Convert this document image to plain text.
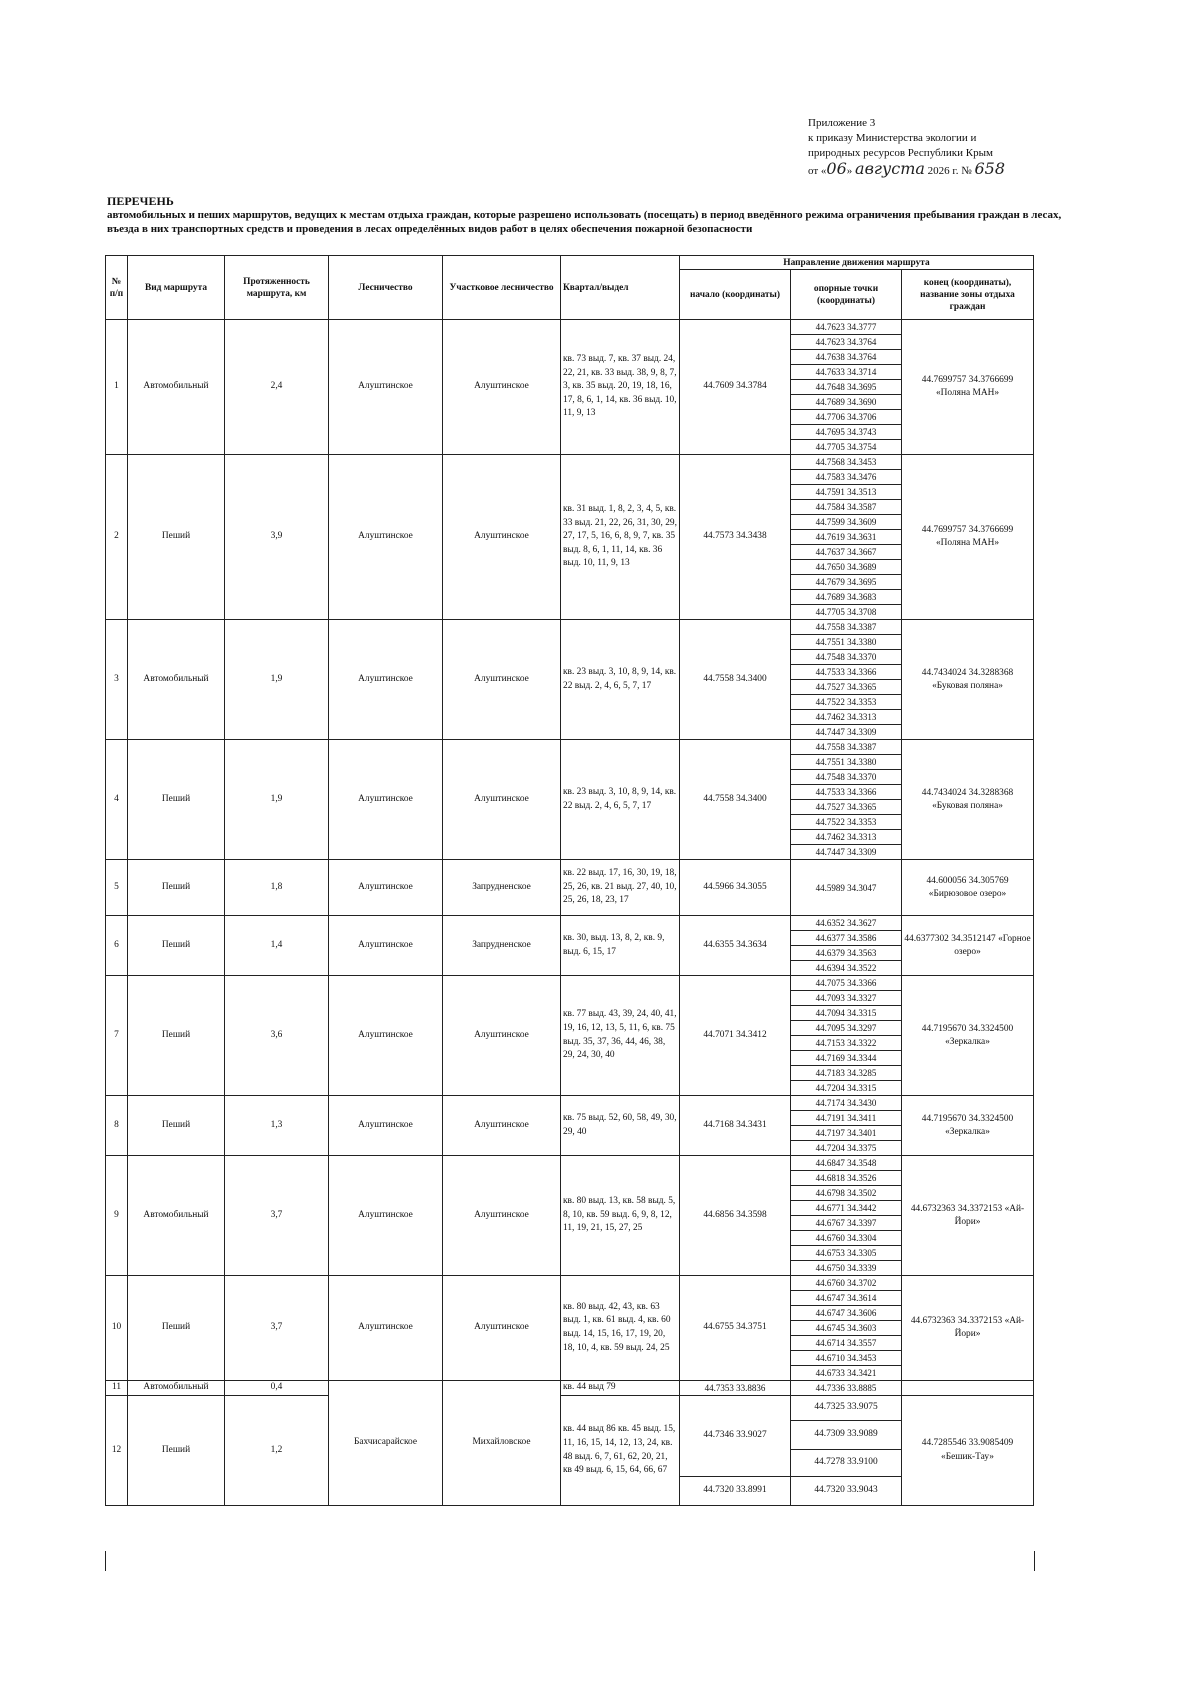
Приложение 3
к приказу Министерства экологии и
природных ресурсов Республики Крым
от «06» августа 2026 г. № 658
ПЕРЕЧЕНЬ
автомобильных и пеших маршрутов, ведущих к местам отдыха граждан, которые разрешено использовать (посещать) в период введённого режима ограничения пребывания граждан в лесах, въезда в них транспортных средств и проведения в лесах определённых видов работ в целях обеспечения пожарной безопасности
№ п/п	Вид маршрута	Протяженность маршрута, км	Лесничество	Участковое лесничество	Квартал/выдел	Направление движения маршрута		
						начало (координаты)	опорные точки (координаты)	конец (координаты), название зоны отдыха граждан
1	Автомобильный	2,4	Алуштинское	Алуштинское	кв. 73 выд. 7, кв. 37 выд. 24, 22, 21, кв. 33 выд. 38, 9, 8, 7, 3, кв. 35 выд. 20, 19, 18, 16, 17, 8, 6, 1, 14, кв. 36 выд. 10, 11, 9, 13	44.7609 34.3784	44.7623 34.3777	44.7699757 34.3766699 «Поляна МАН»
							44.7623 34.3764	
							44.7638 34.3764	
							44.7633 34.3714	
							44.7648 34.3695	
							44.7689 34.3690	
							44.7706 34.3706	
							44.7695 34.3743	
							44.7705 34.3754	
2	Пеший	3,9	Алуштинское	Алуштинское	кв. 31 выд. 1, 8, 2, 3, 4, 5, кв. 33 выд. 21, 22, 26, 31, 30, 29, 27, 17, 5, 16, 6, 8, 9, 7, кв. 35 выд. 8, 6, 1, 11, 14, кв. 36 выд. 10, 11, 9, 13	44.7573 34.3438	44.7568 34.3453	44.7699757 34.3766699 «Поляна МАН»
							44.7583 34.3476	
							44.7591 34.3513	
							44.7584 34.3587	
							44.7599 34.3609	
							44.7619 34.3631	
							44.7637 34.3667	
							44.7650 34.3689	
							44.7679 34.3695	
							44.7689 34.3683	
							44.7705 34.3708	
3	Автомобильный	1,9	Алуштинское	Алуштинское	кв. 23 выд. 3, 10, 8, 9, 14, кв. 22 выд. 2, 4, 6, 5, 7, 17	44.7558 34.3400	44.7558 34.3387	44.7434024 34.3288368 «Буковая поляна»
							44.7551 34.3380	
							44.7548 34.3370	
							44.7533 34.3366	
							44.7527 34.3365	
							44.7522 34.3353	
							44.7462 34.3313	
							44.7447 34.3309	
4	Пеший	1,9	Алуштинское	Алуштинское	кв. 23 выд. 3, 10, 8, 9, 14, кв. 22 выд. 2, 4, 6, 5, 7, 17	44.7558 34.3400	44.7558 34.3387	44.7434024 34.3288368 «Буковая поляна»
							44.7551 34.3380	
							44.7548 34.3370	
							44.7533 34.3366	
							44.7527 34.3365	
							44.7522 34.3353	
							44.7462 34.3313	
							44.7447 34.3309	
5	Пеший	1,8	Алуштинское	Запрудненское	кв. 22 выд. 17, 16, 30, 19, 18, 25, 26, кв. 21 выд. 27, 40, 10, 25, 26, 18, 23, 17	44.5966 34.3055	44.5989 34.3047	44.600056 34.305769 «Бирюзовое озеро»
6	Пеший	1,4	Алуштинское	Запрудненское	кв. 30, выд. 13, 8, 2, кв. 9, выд. 6, 15, 17	44.6355 34.3634	44.6352 34.3627	44.6377302 34.3512147 «Горное озеро»
							44.6377 34.3586	
							44.6379 34.3563	
							44.6394 34.3522	
7	Пеший	3,6	Алуштинское	Алуштинское	кв. 77 выд. 43, 39, 24, 40, 41, 19, 16, 12, 13, 5, 11, 6, кв. 75 выд. 35, 37, 36, 44, 46, 38, 29, 24, 30, 40	44.7071 34.3412	44.7075 34.3366	44.7195670 34.3324500 «Зеркалка»
							44.7093 34.3327	
							44.7094 34.3315	
							44.7095 34.3297	
							44.7153 34.3322	
							44.7169 34.3344	
							44.7183 34.3285	
							44.7204 34.3315	
8	Пеший	1,3	Алуштинское	Алуштинское	кв. 75 выд. 52, 60, 58, 49, 30, 29, 40	44.7168 34.3431	44.7174 34.3430	44.7195670 34.3324500 «Зеркалка»
							44.7191 34.3411	
							44.7197 34.3401	
							44.7204 34.3375	
9	Автомобильный	3,7	Алуштинское	Алуштинское	кв. 80 выд. 13, кв. 58 выд. 5, 8, 10, кв. 59 выд. 6, 9, 8, 12, 11, 19, 21, 15, 27, 25	44.6856 34.3598	44.6847 34.3548	44.6732363 34.3372153 «Ай-Йори»
							44.6818 34.3526	
							44.6798 34.3502	
							44.6771 34.3442	
							44.6767 34.3397	
							44.6760 34.3304	
							44.6753 34.3305	
							44.6750 34.3339	
10	Пеший	3,7	Алуштинское	Алуштинское	кв. 80 выд. 42, 43, кв. 63 выд. 1, кв. 61 выд. 4, кв. 60 выд. 14, 15, 16, 17, 19, 20, 18, 10, 4, кв. 59 выд. 24, 25	44.6755 34.3751	44.6760 34.3702	44.6732363 34.3372153 «Ай-Йори»
							44.6747 34.3614	
							44.6747 34.3606	
							44.6745 34.3603	
							44.6714 34.3557	
							44.6710 34.3453	
							44.6733 34.3421	
11	Автомобильный	0,4	Бахчисарайское	Михайловское	кв. 44 выд 79	44.7353 33.8836	44.7336 33.8885	
12	Пеший	1,2			кв. 44 выд 86 кв. 45 выд. 15, 11, 16, 15, 14, 12, 13, 24, кв. 48 выд. 6, 7, 61, 62, 20, 21, кв 49 выд. 6, 15, 64, 66, 67	44.7346 33.9027	44.7325 33.9075	44.7285546 33.9085409 «Бешик-Тау»
							44.7309 33.9089	
							44.7278 33.9100	
						44.7320 33.8991	44.7320 33.9043	
